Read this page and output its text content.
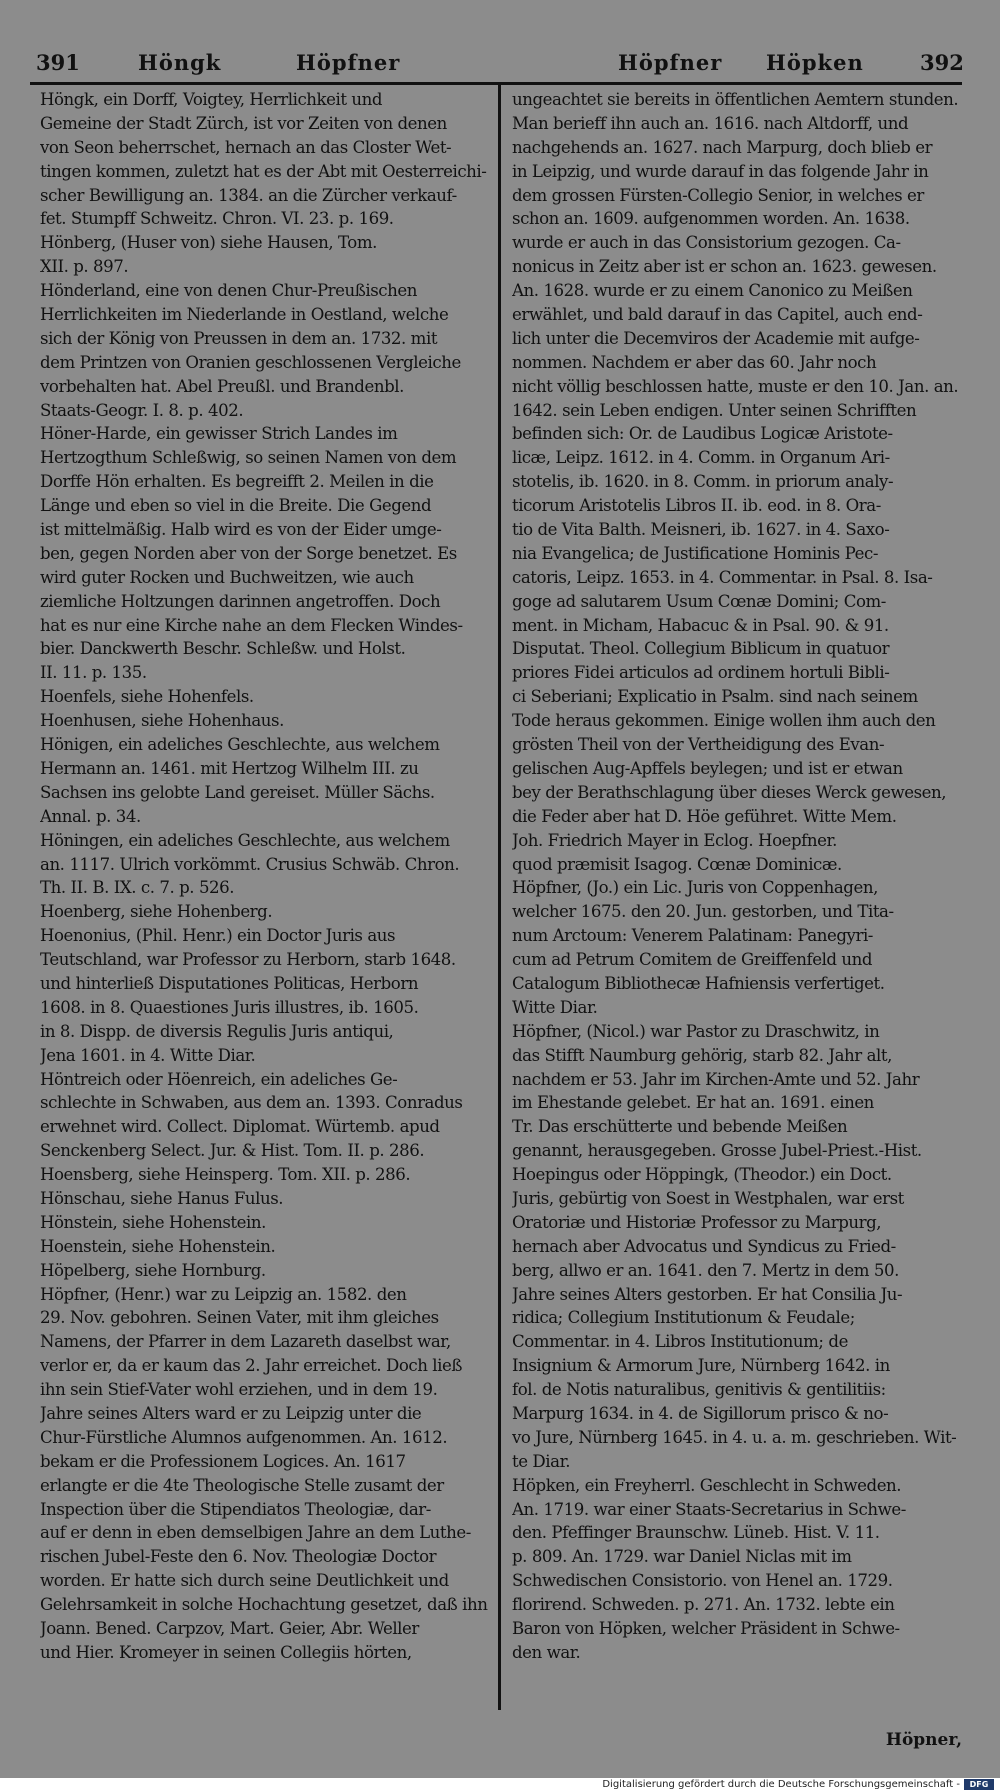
391	Höngk	Höpfner	Höpfner Höpken	392
Höngk, ein Dorff, Voigtey, Herrlichkeit und
Gemeine der Stadt Zürch, ist vor Zeiten von denen
von Seon beherrschet, hernach an das Closter Wet-
tingen kommen, zuletzt hat es der Abt mit Oesterreichi-
scher Bewilligung an. 1384. an die Zürcher verkauf-
fet. Stumpff Schweitz. Chron. VI. 23. p. 169.
Hönberg, (Huser von) siehe Hausen, Tom.
XII. p. 897.
Hönderland, eine von denen Chur-Preußischen
Herrlichkeiten im Niederlande in Oestland, welche
sich der König von Preussen in dem an. 1732. mit
dem Printzen von Oranien geschlossenen Vergleiche
vorbehalten hat. Abel Preußl. und Brandenbl.
Staats-Geogr. I. 8. p. 402.
Höner-Harde, ein gewisser Strich Landes im
Hertzogthum Schleßwig, so seinen Namen von dem
Dorffe Hön erhalten. Es begreifft 2. Meilen in die
Länge und eben so viel in die Breite. Die Gegend
ist mittelmäßig. Halb wird es von der Eider umge-
ben, gegen Norden aber von der Sorge benetzet. Es
wird guter Rocken und Buchweitzen, wie auch
ziemliche Holtzungen darinnen angetroffen. Doch
hat es nur eine Kirche nahe an dem Flecken Windes-
bier. Danckwerth Beschr. Schleßw. und Holst.
II. 11. p. 135.
Hoenfels, siehe Hohenfels.
Hoenhusen, siehe Hohenhaus.
Hönigen, ein adeliches Geschlechte, aus welchem
Hermann an. 1461. mit Hertzog Wilhelm III. zu
Sachsen ins gelobte Land gereiset. Müller Sächs.
Annal. p. 34.
Höningen, ein adeliches Geschlechte, aus welchem
an. 1117. Ulrich vorkömmt. Crusius Schwäb. Chron.
Th. II. B. IX. c. 7. p. 526.
Hoenberg, siehe Hohenberg.
Hoenonius, (Phil. Henr.) ein Doctor Juris aus
Teutschland, war Professor zu Herborn, starb 1648.
und hinterließ Disputationes Politicas, Herborn
1608. in 8. Quaestiones Juris illustres, ib. 1605.
in 8. Dispp. de diversis Regulis Juris antiqui,
Jena 1601. in 4. Witte Diar.
Höntreich oder Höenreich, ein adeliches Ge-
schlechte in Schwaben, aus dem an. 1393. Conradus
erwehnet wird. Collect. Diplomat. Würtemb. apud
Senckenberg Select. Jur. & Hist. Tom. II. p. 286.
Hoensberg, siehe Heinsperg. Tom. XII. p. 286.
Hönschau, siehe Hanus Fulus.
Hönstein, siehe Hohenstein.
Hoenstein, siehe Hohenstein.
Höpelberg, siehe Hornburg.
Höpfner, (Henr.) war zu Leipzig an. 1582. den
29. Nov. gebohren. Seinen Vater, mit ihm gleiches
Namens, der Pfarrer in dem Lazareth daselbst war,
verlor er, da er kaum das 2. Jahr erreichet. Doch ließ
ihn sein Stief-Vater wohl erziehen, und in dem 19.
Jahre seines Alters ward er zu Leipzig unter die
Chur-Fürstliche Alumnos aufgenommen. An. 1612.
bekam er die Professionem Logices. An. 1617
erlangte er die 4te Theologische Stelle zusamt der
Inspection über die Stipendiatos Theologiæ, dar-
auf er denn in eben demselbigen Jahre an dem Luthe-
rischen Jubel-Feste den 6. Nov. Theologiæ Doctor
worden. Er hatte sich durch seine Deutlichkeit und
Gelehrsamkeit in solche Hochachtung gesetzet, daß ihn
Joann. Bened. Carpzov, Mart. Geier, Abr. Weller
und Hier. Kromeyer in seinen Collegiis hörten,
ungeachtet sie bereits in öffentlichen Aemtern stunden.
Man berieff ihn auch an. 1616. nach Altdorff, und
nachgehends an. 1627. nach Marpurg, doch blieb er
in Leipzig, und wurde darauf in das folgende Jahr in
dem grossen Fürsten-Collegio Senior, in welches er
schon an. 1609. aufgenommen worden. An. 1638.
wurde er auch in das Consistorium gezogen. Ca-
nonicus in Zeitz aber ist er schon an. 1623. gewesen.
An. 1628. wurde er zu einem Canonico zu Meißen
erwählet, und bald darauf in das Capitel, auch end-
lich unter die Decemviros der Academie mit aufge-
nommen. Nachdem er aber das 60. Jahr noch
nicht völlig beschlossen hatte, muste er den 10. Jan. an.
1642. sein Leben endigen. Unter seinen Schrifften
befinden sich: Or. de Laudibus Logicæ Aristote-
licæ, Leipz. 1612. in 4. Comm. in Organum Ari-
stotelis, ib. 1620. in 8. Comm. in priorum analy-
ticorum Aristotelis Libros II. ib. eod. in 8. Ora-
tio de Vita Balth. Meisneri, ib. 1627. in 4. Saxo-
nia Evangelica; de Justificatione Hominis Pec-
catoris, Leipz. 1653. in 4. Commentar. in Psal. 8. Isa-
goge ad salutarem Usum Cœnæ Domini; Com-
ment. in Micham, Habacuc & in Psal. 90. & 91.
Disputat. Theol. Collegium Biblicum in quatuor
priores Fidei articulos ad ordinem hortuli Bibli-
ci Seberiani; Explicatio in Psalm. sind nach seinem
Tode heraus gekommen. Einige wollen ihm auch den
grösten Theil von der Vertheidigung des Evan-
gelischen Aug-Apffels beylegen; und ist er etwan
bey der Berathschlagung über dieses Werck gewesen,
die Feder aber hat D. Höe geführet. Witte Mem.
Joh. Friedrich Mayer in Eclog. Hoepfner.
quod præmisit Isagog. Cœnæ Dominicæ.
Höpfner, (Jo.) ein Lic. Juris von Coppenhagen,
welcher 1675. den 20. Jun. gestorben, und Tita-
num Arctoum: Venerem Palatinam: Panegyri-
cum ad Petrum Comitem de Greiffenfeld und
Catalogum Bibliothecæ Hafniensis verfertiget.
Witte Diar.
Höpfner, (Nicol.) war Pastor zu Draschwitz, in
das Stifft Naumburg gehörig, starb 82. Jahr alt,
nachdem er 53. Jahr im Kirchen-Amte und 52. Jahr
im Ehestande gelebet. Er hat an. 1691. einen
Tr. Das erschütterte und bebende Meißen
genannt, herausgegeben. Grosse Jubel-Priest.-Hist.
Hoepingus oder Höppingk, (Theodor.) ein Doct.
Juris, gebürtig von Soest in Westphalen, war erst
Oratoriæ und Historiæ Professor zu Marpurg,
hernach aber Advocatus und Syndicus zu Fried-
berg, allwo er an. 1641. den 7. Mertz in dem 50.
Jahre seines Alters gestorben. Er hat Consilia Ju-
ridica; Collegium Institutionum & Feudale;
Commentar. in 4. Libros Institutionum; de
Insignium & Armorum Jure, Nürnberg 1642. in
fol. de Notis naturalibus, genitivis & gentilitiis:
Marpurg 1634. in 4. de Sigillorum prisco & no-
vo Jure, Nürnberg 1645. in 4. u. a. m. geschrieben. Wit-
te Diar.
Höpken, ein Freyherrl. Geschlecht in Schweden.
An. 1719. war einer Staats-Secretarius in Schwe-
den. Pfeffinger Braunschw. Lüneb. Hist. V. 11.
p. 809. An. 1729. war Daniel Niclas mit im
Schwedischen Consistorio. von Henel an. 1729.
florirend. Schweden. p. 271. An. 1732. lebte ein
Baron von Höpken, welcher Präsident in Schwe-
den war.
Höpner,
Digitalisierung gefördert durch die Deutsche Forschungsgemeinschaft -	DFG
